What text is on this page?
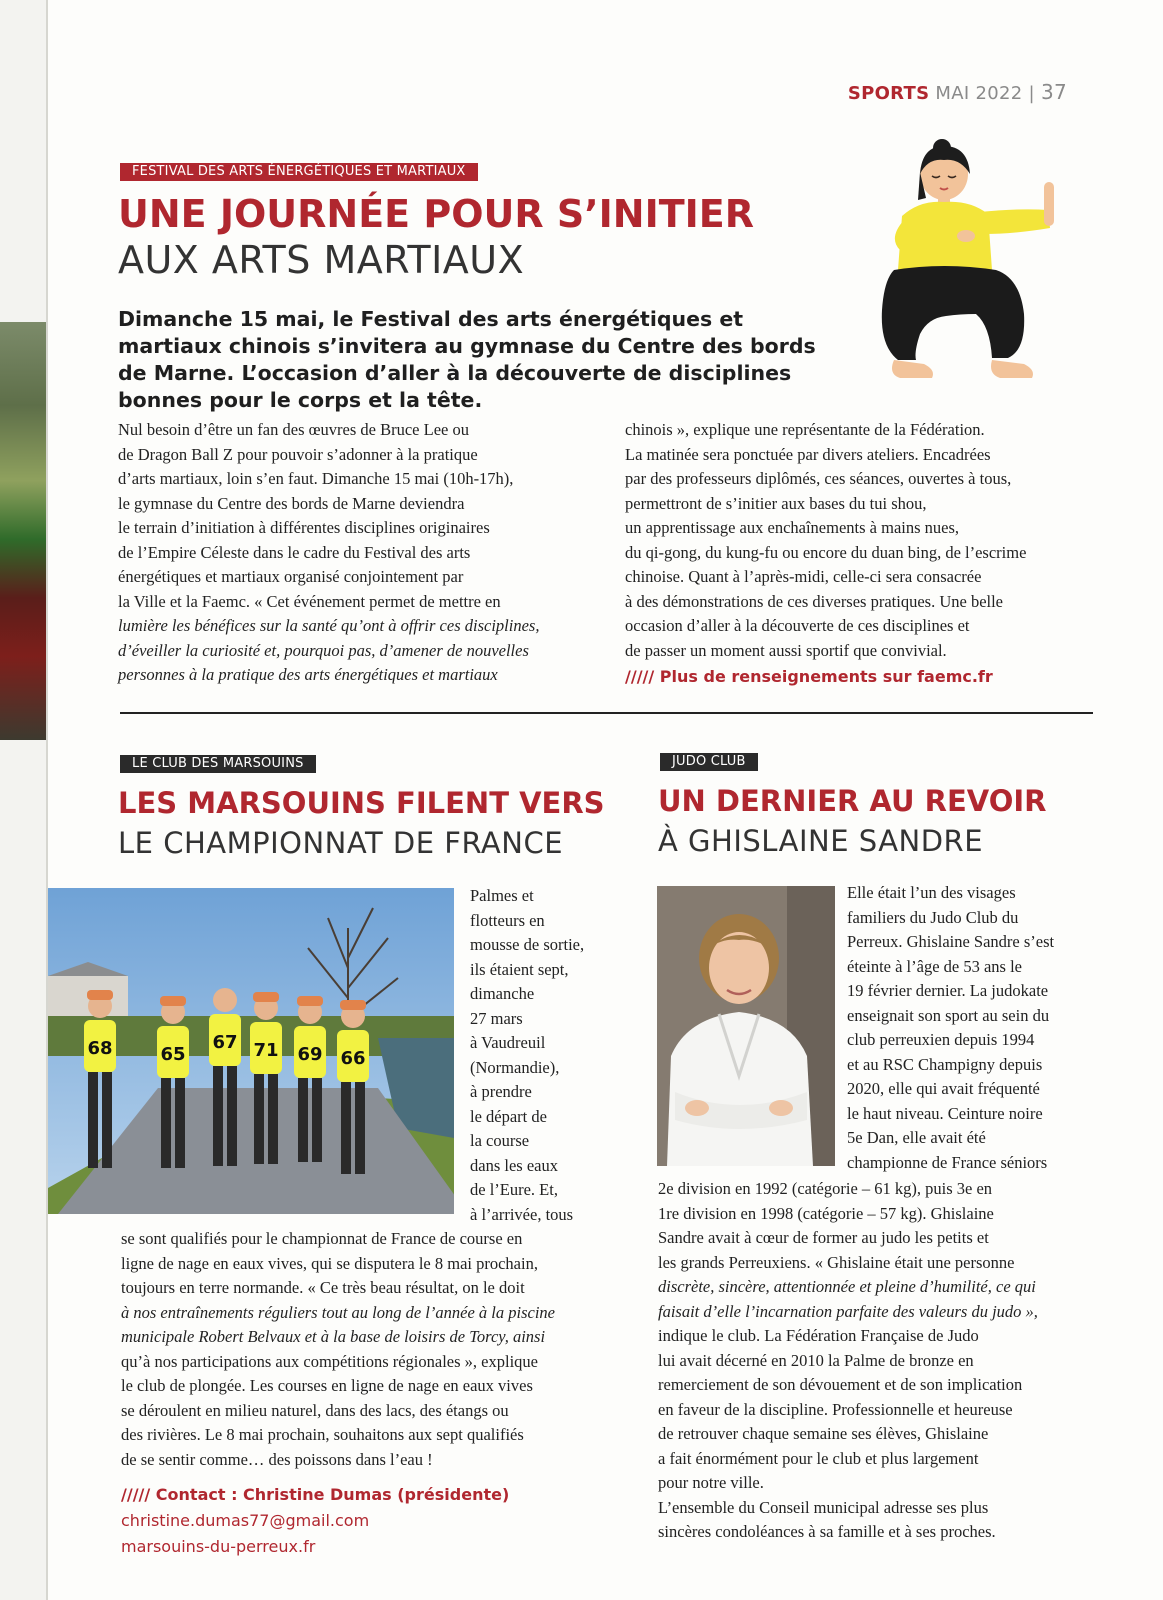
SPORTS MAI 2022 | 37
FESTIVAL DES ARTS ÉNERGÉTIQUES ET MARTIAUX
UNE JOURNÉE POUR S’INITIER
AUX ARTS MARTIAUX
Dimanche 15 mai, le Festival des arts énergétiques et martiaux chinois s’invitera au gymnase du Centre des bords de Marne. L’occasion d’aller à la découverte de disciplines bonnes pour le corps et la tête.
Nul besoin d’être un fan des œuvres de Bruce Lee ou
de Dragon Ball Z pour pouvoir s’adonner à la pratique
d’arts martiaux, loin s’en faut. Dimanche 15 mai (10h-17h),
le gymnase du Centre des bords de Marne deviendra
le terrain d’initiation à différentes disciplines originaires
de l’Empire Céleste dans le cadre du Festival des arts
énergétiques et martiaux organisé conjointement par
la Ville et la Faemc. « Cet événement permet de mettre en
lumière les bénéfices sur la santé qu’ont à offrir ces disciplines,
d’éveiller la curiosité et, pourquoi pas, d’amener de nouvelles
personnes à la pratique des arts énergétiques et martiaux
chinois », explique une représentante de la Fédération.
La matinée sera ponctuée par divers ateliers. Encadrées
par des professeurs diplômés, ces séances, ouvertes à tous,
permettront de s’initier aux bases du tui shou,
un apprentissage aux enchaînements à mains nues,
du qi-gong, du kung-fu ou encore du duan bing, de l’escrime
chinoise. Quant à l’après-midi, celle-ci sera consacrée
à des démonstrations de ces diverses pratiques. Une belle
occasion d’aller à la découverte de ces disciplines et
de passer un moment aussi sportif que convivial.
///// Plus de renseignements sur faemc.fr
LE CLUB DES MARSOUINS
LES MARSOUINS FILENT VERS
LE CHAMPIONNAT DE FRANCE
68	65
67 71 69 66
Palmes et
flotteurs en
mousse de sortie,
ils étaient sept,
dimanche
27 mars
à Vaudreuil
(Normandie),
à prendre
le départ de
la course
dans les eaux
de l’Eure. Et,
à l’arrivée, tous
se sont qualifiés pour le championnat de France de course en
ligne de nage en eaux vives, qui se disputera le 8 mai prochain,
toujours en terre normande. « Ce très beau résultat, on le doit
à nos entraînements réguliers tout au long de l’année à la piscine
municipale Robert Belvaux et à la base de loisirs de Torcy, ainsi
qu’à nos participations aux compétitions régionales », explique
le club de plongée. Les courses en ligne de nage en eaux vives
se déroulent en milieu naturel, dans des lacs, des étangs ou
des rivières. Le 8 mai prochain, souhaitons aux sept qualifiés
de se sentir comme… des poissons dans l’eau !
///// Contact : Christine Dumas (présidente)
christine.dumas77@gmail.com
marsouins-du-perreux.fr
JUDO CLUB
UN DERNIER AU REVOIR
À GHISLAINE SANDRE
Elle était l’un des visages
familiers du Judo Club du
Perreux. Ghislaine Sandre s’est
éteinte à l’âge de 53 ans le
19 février dernier. La judokate
enseignait son sport au sein du
club perreuxien depuis 1994
et au RSC Champigny depuis
2020, elle qui avait fréquenté
le haut niveau. Ceinture noire
5e Dan, elle avait été
championne de France séniors
2e division en 1992 (catégorie – 61 kg), puis 3e en
1re division en 1998 (catégorie – 57 kg). Ghislaine
Sandre avait à cœur de former au judo les petits et
les grands Perreuxiens. « Ghislaine était une personne
discrète, sincère, attentionnée et pleine d’humilité, ce qui
faisait d’elle l’incarnation parfaite des valeurs du judo »,
indique le club. La Fédération Française de Judo
lui avait décerné en 2010 la Palme de bronze en
remerciement de son dévouement et de son implication
en faveur de la discipline. Professionnelle et heureuse
de retrouver chaque semaine ses élèves, Ghislaine
a fait énormément pour le club et plus largement
pour notre ville.
L’ensemble du Conseil municipal adresse ses plus
sincères condoléances à sa famille et à ses proches.
